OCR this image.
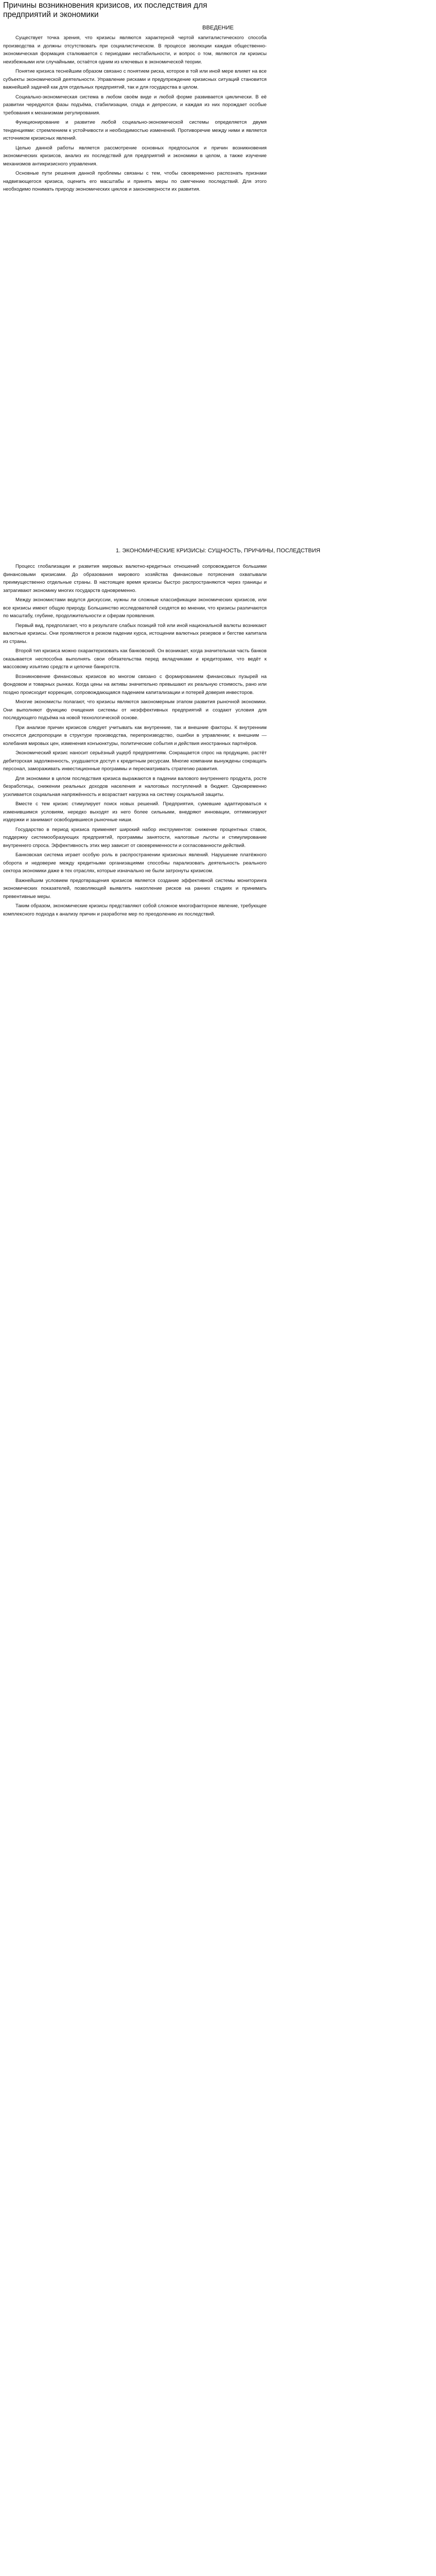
Причины возникновения кризисов, их последствия для предприятий и экономики
ВВЕДЕНИЕ

Существует точка зрения, что кризисы являются характерной чертой капиталистического способа производства и должны отсутствовать при социалистическом. В процессе эволюции каждая общественно-экономическая формация сталкивается с периодами нестабильности, и вопрос о том, являются ли кризисы неизбежными или случайными, остаётся одним из ключевых в экономической теории.

Понятие кризиса теснейшим образом связано с понятием риска, которое в той или иной мере влияет на все субъекты экономической деятельности. Управление рисками и предупреждение кризисных ситуаций становится важнейшей задачей как для отдельных предприятий, так и для государства в целом.

Социально-экономическая система в любом своём виде и любой форме развивается циклически. В её развитии чередуются фазы подъёма, стабилизации, спада и депрессии, и каждая из них порождает особые требования к механизмам регулирования.

Функционирование и развитие любой социально-экономической системы определяется двумя тенденциями: стремлением к устойчивости и необходимостью изменений. Противоречие между ними и является источником кризисных явлений.

Целью данной работы является рассмотрение основных предпосылок и причин возникновения экономических кризисов, анализ их последствий для предприятий и экономики в целом, а также изучение механизмов антикризисного управления.

Основные пути решения данной проблемы связаны с тем, чтобы своевременно распознать признаки надвигающегося кризиса, оценить его масштабы и принять меры по смягчению последствий. Для этого необходимо понимать природу экономических циклов и закономерности их развития.

1. ЭКОНОМИЧЕСКИЕ КРИЗИСЫ: СУЩНОСТЬ, ПРИЧИНЫ, ПОСЛЕДСТВИЯ

Процесс глобализации и развития мировых валютно-кредитных отношений сопровождается большими финансовыми кризисами. До образования мирового хозяйства финансовые потрясения охватывали преимущественно отдельные страны. В настоящее время кризисы быстро распространяются через границы и затрагивают экономику многих государств одновременно.

Между экономистами ведутся дискуссии, нужны ли сложные классификации экономических кризисов, или все кризисы имеют общую природу. Большинство исследователей сходятся во мнении, что кризисы различаются по масштабу, глубине, продолжительности и сферам проявления.

Первый вид, предполагает, что в результате слабых позиций той или иной национальной валюты возникают валютные кризисы. Они проявляются в резком падении курса, истощении валютных резервов и бегстве капитала из страны.

Второй тип кризиса можно охарактеризовать как банковский. Он возникает, когда значительная часть банков оказывается неспособна выполнять свои обязательства перед вкладчиками и кредиторами, что ведёт к массовому изъятию средств и цепочке банкротств.

Возникновение финансовых кризисов во многом связано с формированием финансовых пузырей на фондовом и товарных рынках. Когда цены на активы значительно превышают их реальную стоимость, рано или поздно происходит коррекция, сопровождающаяся падением капитализации и потерей доверия инвесторов.

Многие экономисты полагают, что кризисы являются закономерным этапом развития рыночной экономики. Они выполняют функцию очищения системы от неэффективных предприятий и создают условия для последующего подъёма на новой технологической основе.

При анализе причин кризисов следует учитывать как внутренние, так и внешние факторы. К внутренним относятся диспропорции в структуре производства, перепроизводство, ошибки в управлении; к внешним — колебания мировых цен, изменения конъюнктуры, политические события и действия иностранных партнёров.

Экономический кризис наносит серьёзный ущерб предприятиям. Сокращается спрос на продукцию, растёт дебиторская задолженность, ухудшается доступ к кредитным ресурсам. Многие компании вынуждены сокращать персонал, замораживать инвестиционные программы и пересматривать стратегию развития.

Для экономики в целом последствия кризиса выражаются в падении валового внутреннего продукта, росте безработицы, снижении реальных доходов населения и налоговых поступлений в бюджет. Одновременно усиливается социальная напряжённость и возрастает нагрузка на систему социальной защиты.

Вместе с тем кризис стимулирует поиск новых решений. Предприятия, сумевшие адаптироваться к изменившимся условиям, нередко выходят из него более сильными, внедряют инновации, оптимизируют издержки и занимают освободившиеся рыночные ниши.

Государство в период кризиса применяет широкий набор инструментов: снижение процентных ставок, поддержку системообразующих предприятий, программы занятости, налоговые льготы и стимулирование внутреннего спроса. Эффективность этих мер зависит от своевременности и согласованности действий.

Банковская система играет особую роль в распространении кризисных явлений. Нарушение платёжного оборота и недоверие между кредитными организациями способны парализовать деятельность реального сектора экономики даже в тех отраслях, которые изначально не были затронуты кризисом.

Важнейшим условием предотвращения кризисов является создание эффективной системы мониторинга экономических показателей, позволяющей выявлять накопление рисков на ранних стадиях и принимать превентивные меры.

Таким образом, экономические кризисы представляют собой сложное многофакторное явление, требующее комплексного подхода к анализу причин и разработке мер по преодолению их последствий.
